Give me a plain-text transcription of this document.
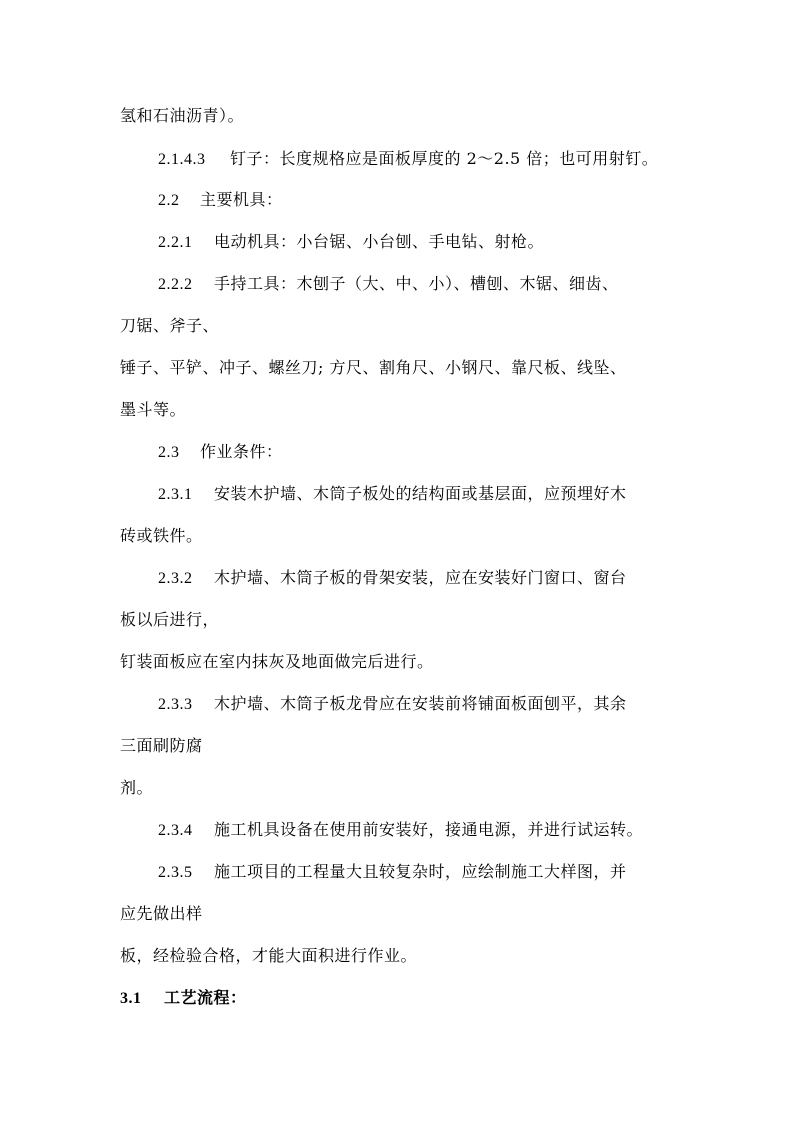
氢和石油沥青）。
2.1.4.3 钉子：长度规格应是面板厚度的 2～2.5 倍；也可用射钉。
2.2 主要机具：
2.2.1 电动机具：小台锯、小台刨、手电钻、射枪。
2.2.2 手持工具：木刨子（大、中、小）、槽刨、木锯、细齿、
刀锯、斧子、
锤子、平铲、冲子、螺丝刀; 方尺、割角尺、小钢尺、靠尺板、线坠、
墨斗等。
2.3 作业条件：
2.3.1 安装木护墙、木筒子板处的结构面或基层面，应预埋好木
砖或铁件。
2.3.2 木护墙、木筒子板的骨架安装，应在安装好门窗口、窗台
板以后进行，
钉装面板应在室内抹灰及地面做完后进行。
2.3.3 木护墙、木筒子板龙骨应在安装前将铺面板面刨平，其余
三面刷防腐
剂。
2.3.4 施工机具设备在使用前安装好，接通电源，并进行试运转。
2.3.5 施工项目的工程量大且较复杂时，应绘制施工大样图，并
应先做出样
板，经检验合格，才能大面积进行作业。
3.1 工艺流程：
